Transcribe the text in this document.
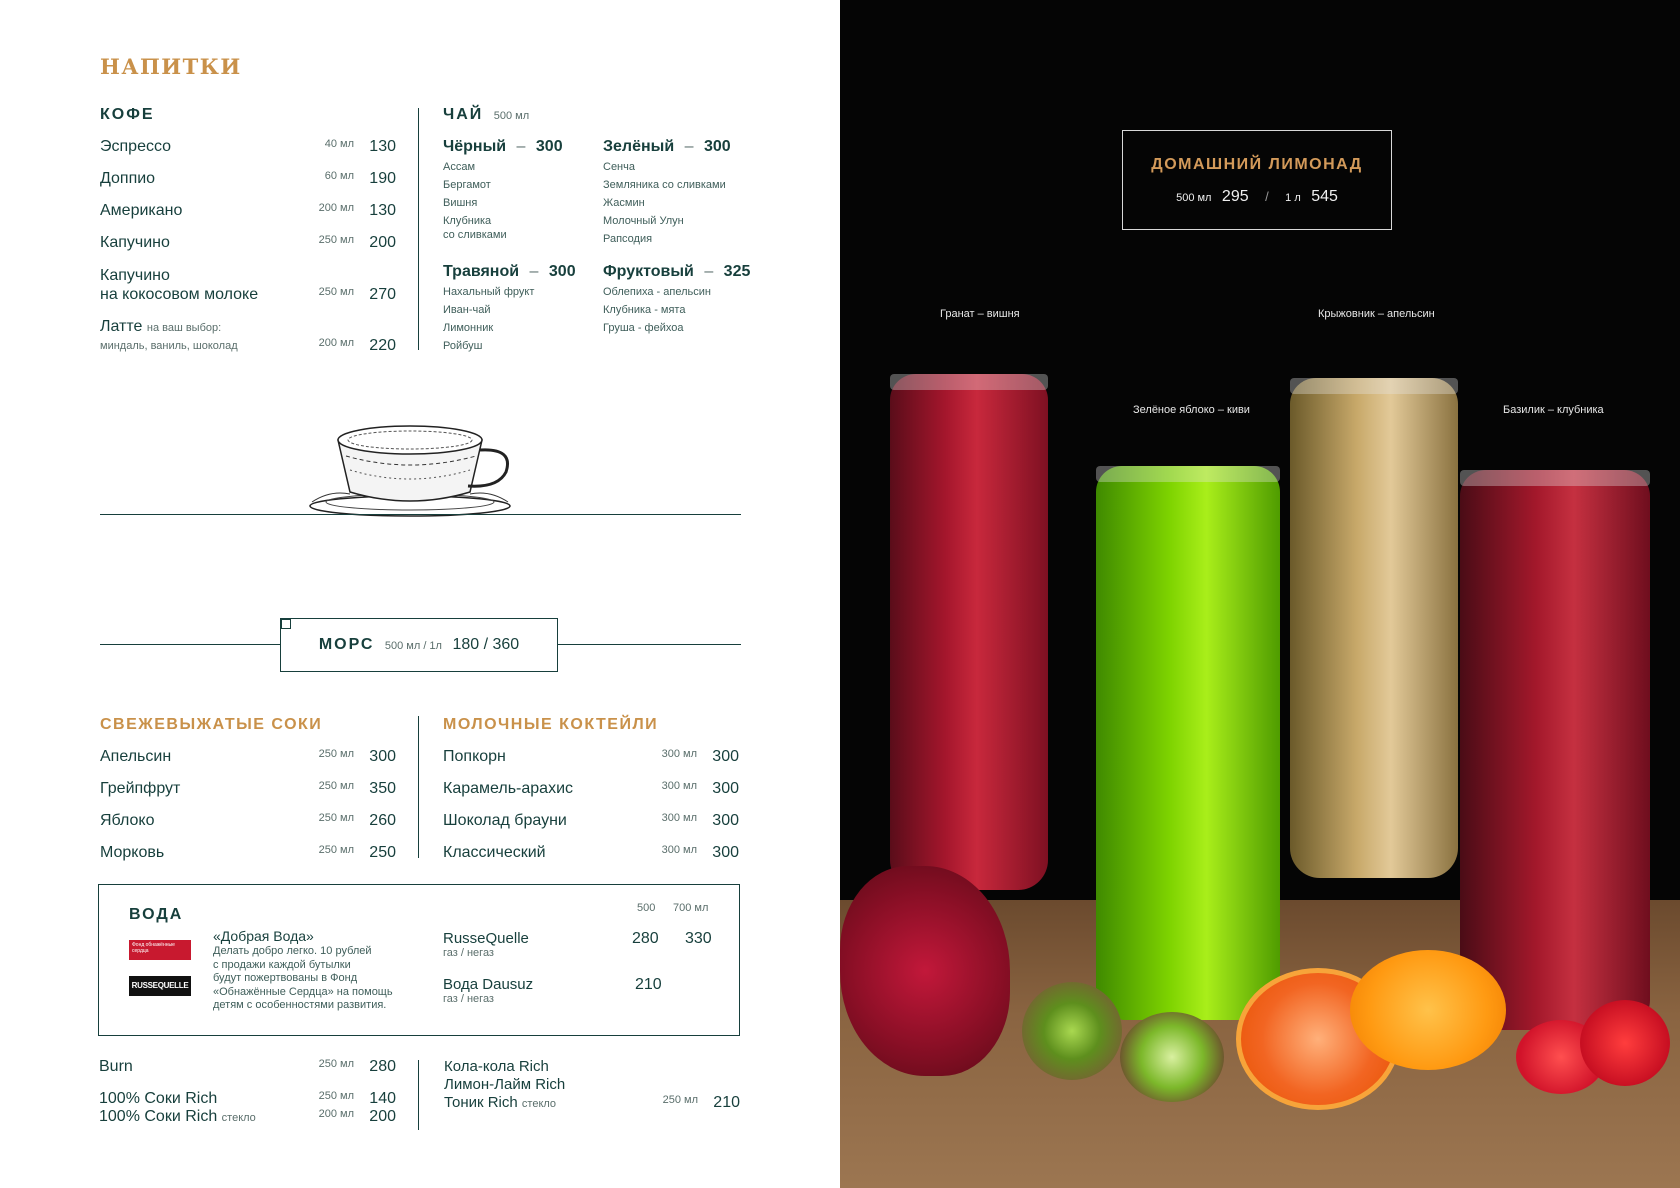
НАПИТКИ
КОФЕ
Эспрессо	40 мл 130
Доппио	60 мл 190
Американо	200 мл 130
Капучино	250 мл 200
Капучино
на кокосовом молоке	250 мл 270
Латте на ваш выбор:
миндаль, ваниль, шоколад	200 мл 220
ЧАЙ 500 мл
Чёрный – 300
Ассам
Бергамот
Вишня
Клубника
со сливками
Зелёный – 300
Сенча
Земляника со сливками
Жасмин
Молочный Улун
Рапсодия
Травяной – 300
Нахальный фрукт
Иван-чай
Лимонник
Ройбуш
Фруктовый – 325
Облепиха - апельсин
Клубника - мята
Груша - фейхоа
МОРС 500 мл / 1л 180 / 360
СВЕЖЕВЫЖАТЫЕ СОКИ
Апельсин	250 мл 300
Грейпфрут	250 мл 350
Яблоко	250 мл 260
Морковь	250 мл 250
МОЛОЧНЫЕ КОКТЕЙЛИ
Попкорн	300 мл 300
Карамель-арахис	300 мл 300
Шоколад брауни	300 мл 300
Классический	300 мл 300
ВОДА	500 700 мл
Фонд обнажённые сердца
RUSSEQUELLE
«Добрая Вода»
Делать добро легко. 10 рублей
с продажи каждой бутылки
будут пожертвованы в Фонд
«Обнажённые Сердца» на помощь
детям с особенностями развития.
RusseQuelle
газ / негаз
280 330
Вода Dausuz
газ / негаз
210
Burn	250 мл 280
100% Соки Rich	250 мл 140
100% Соки Rich стекло	200 мл 200
Кола-кола Rich
Лимон-Лайм Rich
Тоник Rich стекло	250 мл 210
Гранат – вишня
Зелёное яблоко – киви
Крыжовник – апельсин
Базилик – клубника
ДОМАШНИЙ ЛИМОНАД
500 мл 295 / 1 л 545
